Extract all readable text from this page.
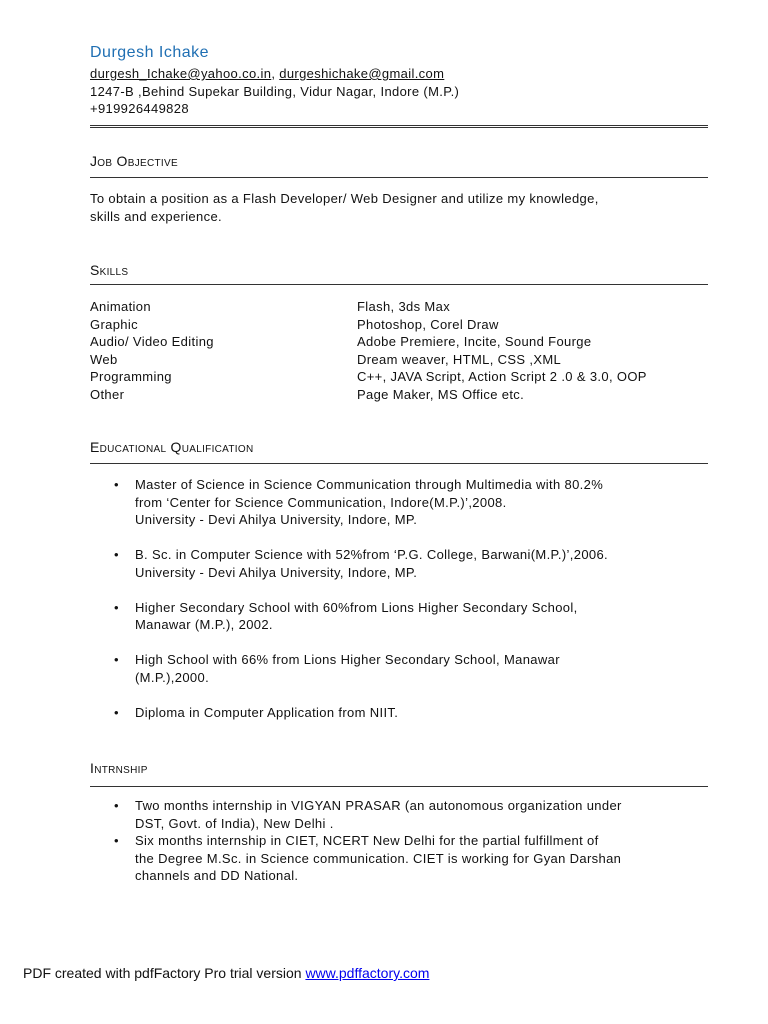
Durgesh Ichake
durgesh_Ichake@yahoo.co.in, durgeshichake@gmail.com
1247-B ,Behind Supekar Building, Vidur Nagar, Indore (M.P.)
+919926449828
Job Objective
To obtain a position as a Flash Developer/ Web Designer and utilize my knowledge,
skills and experience.
Skills
Animation	Flash, 3ds Max
Graphic	Photoshop, Corel Draw
Audio/ Video Editing	Adobe Premiere, Incite, Sound Fourge
Web	Dream weaver, HTML, CSS ,XML
Programming	C++, JAVA Script, Action Script 2 .0 & 3.0, OOP
Other	Page Maker, MS Office etc.
Educational Qualification
• Master of Science in Science Communication through Multimedia with 80.2%
from ‘Center for Science Communication, Indore(M.P.)’,2008.
University - Devi Ahilya University, Indore, MP.
• B. Sc. in Computer Science with 52%from ‘P.G. College, Barwani(M.P.)’,2006.
University - Devi Ahilya University, Indore, MP.
• Higher Secondary School with 60%from Lions Higher Secondary School,
Manawar (M.P.), 2002.
• High School with 66% from Lions Higher Secondary School, Manawar
(M.P.),2000.
• Diploma in Computer Application from NIIT.
Intrnship
• Two months internship in VIGYAN PRASAR (an autonomous organization under
DST, Govt. of India), New Delhi .
• Six months internship in CIET, NCERT New Delhi for the partial fulfillment of
the Degree M.Sc. in Science communication. CIET is working for Gyan Darshan
channels and DD National.
PDF created with pdfFactory Pro trial version www.pdffactory.com
